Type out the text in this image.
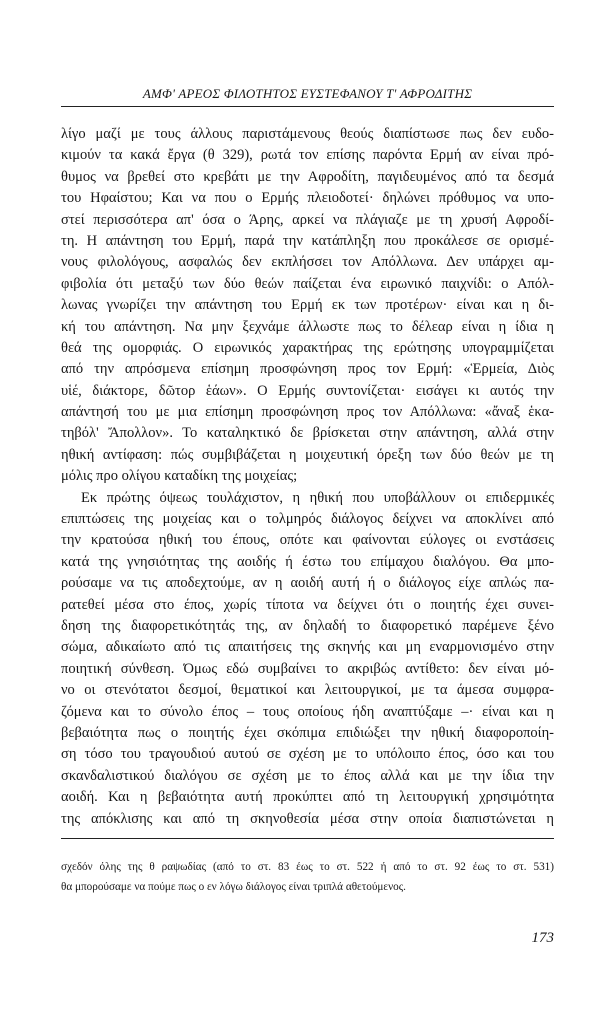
ΑΜΦ' ΑΡΕΟΣ ΦΙΛΟΤΗΤΟΣ ΕΥΣΤΕΦΑΝΟΥ Τ' ΑΦΡΟΔΙΤΗΣ
λίγο μαζί με τους άλλους παριστάμενους θεούς διαπίστωσε πως δεν ευδο-
κιμούν τα κακά ἔργα (θ 329), ρωτά τον επίσης παρόντα Ερμή αν είναι πρό-
θυμος να βρεθεί στο κρεβάτι με την Αφροδίτη, παγιδευμένος από τα δεσμά
του Ηφαίστου; Και να που ο Ερμής πλειοδοτεί· δηλώνει πρόθυμος να υπο-
στεί περισσότερα απ' όσα ο Άρης, αρκεί να πλάγιαζε με τη χρυσή Αφροδί-
τη. Η απάντηση του Ερμή, παρά την κατάπληξη που προκάλεσε σε ορισμέ-
νους φιλολόγους, ασφαλώς δεν εκπλήσσει τον Απόλλωνα. Δεν υπάρχει αμ-
φιβολία ότι μεταξύ των δύο θεών παίζεται ένα ειρωνικό παιχνίδι: ο Απόλ-
λωνας γνωρίζει την απάντηση του Ερμή εκ των προτέρων· είναι και η δι-
κή του απάντηση. Να μην ξεχνάμε άλλωστε πως το δέλεαρ είναι η ίδια η
θεά της ομορφιάς. Ο ειρωνικός χαρακτήρας της ερώτησης υπογραμμίζεται
από την απρόσμενα επίσημη προσφώνηση προς τον Ερμή: «Ἑρμεία, Διὸς
υἱέ, διάκτορε, δῶτορ ἑάων». Ο Ερμής συντονίζεται· εισάγει κι αυτός την
απάντησή του με μια επίσημη προσφώνηση προς τον Απόλλωνα: «ἄναξ ἑκα-
τηβόλ' Ἄπολλον». Το καταληκτικό δε βρίσκεται στην απάντηση, αλλά στην
ηθική αντίφαση: πώς συμβιβάζεται η μοιχευτική όρεξη των δύο θεών με τη
μόλις προ ολίγου καταδίκη της μοιχείας;
Εκ πρώτης όψεως τουλάχιστον, η ηθική που υποβάλλουν οι επιδερμικές
επιπτώσεις της μοιχείας και ο τολμηρός διάλογος δείχνει να αποκλίνει από
την κρατούσα ηθική του έπους, οπότε και φαίνονται εύλογες οι ενστάσεις
κατά της γνησιότητας της αοιδής ή έστω του επίμαχου διαλόγου. Θα μπο-
ρούσαμε να τις αποδεχτούμε, αν η αοιδή αυτή ή ο διάλογος είχε απλώς πα-
ρατεθεί μέσα στο έπος, χωρίς τίποτα να δείχνει ότι ο ποιητής έχει συνει-
δηση της διαφορετικότητάς της, αν δηλαδή το διαφορετικό παρέμενε ξένο
σώμα, αδικαίωτο από τις απαιτήσεις της σκηνής και μη εναρμονισμένο στην
ποιητική σύνθεση. Όμως εδώ συμβαίνει το ακριβώς αντίθετο: δεν είναι μό-
νο οι στενότατοι δεσμοί, θεματικοί και λειτουργικοί, με τα άμεσα συμφρα-
ζόμενα και το σύνολο έπος – τους οποίους ήδη αναπτύξαμε –· είναι και η
βεβαιότητα πως ο ποιητής έχει σκόπιμα επιδιώξει την ηθική διαφοροποίη-
ση τόσο του τραγουδιού αυτού σε σχέση με το υπόλοιπο έπος, όσο και του
σκανδαλιστικού διαλόγου σε σχέση με το έπος αλλά και με την ίδια την
αοιδή. Και η βεβαιότητα αυτή προκύπτει από τη λειτουργική χρησιμότητα
της απόκλισης και από τη σκηνοθεσία μέσα στην οποία διαπιστώνεται η
σχεδόν όλης της θ ραψωδίας (από το στ. 83 έως το στ. 522 ή από το στ. 92 έως το στ. 531)
θα μπορούσαμε να πούμε πως ο εν λόγω διάλογος είναι τριπλά αθετούμενος.
173
